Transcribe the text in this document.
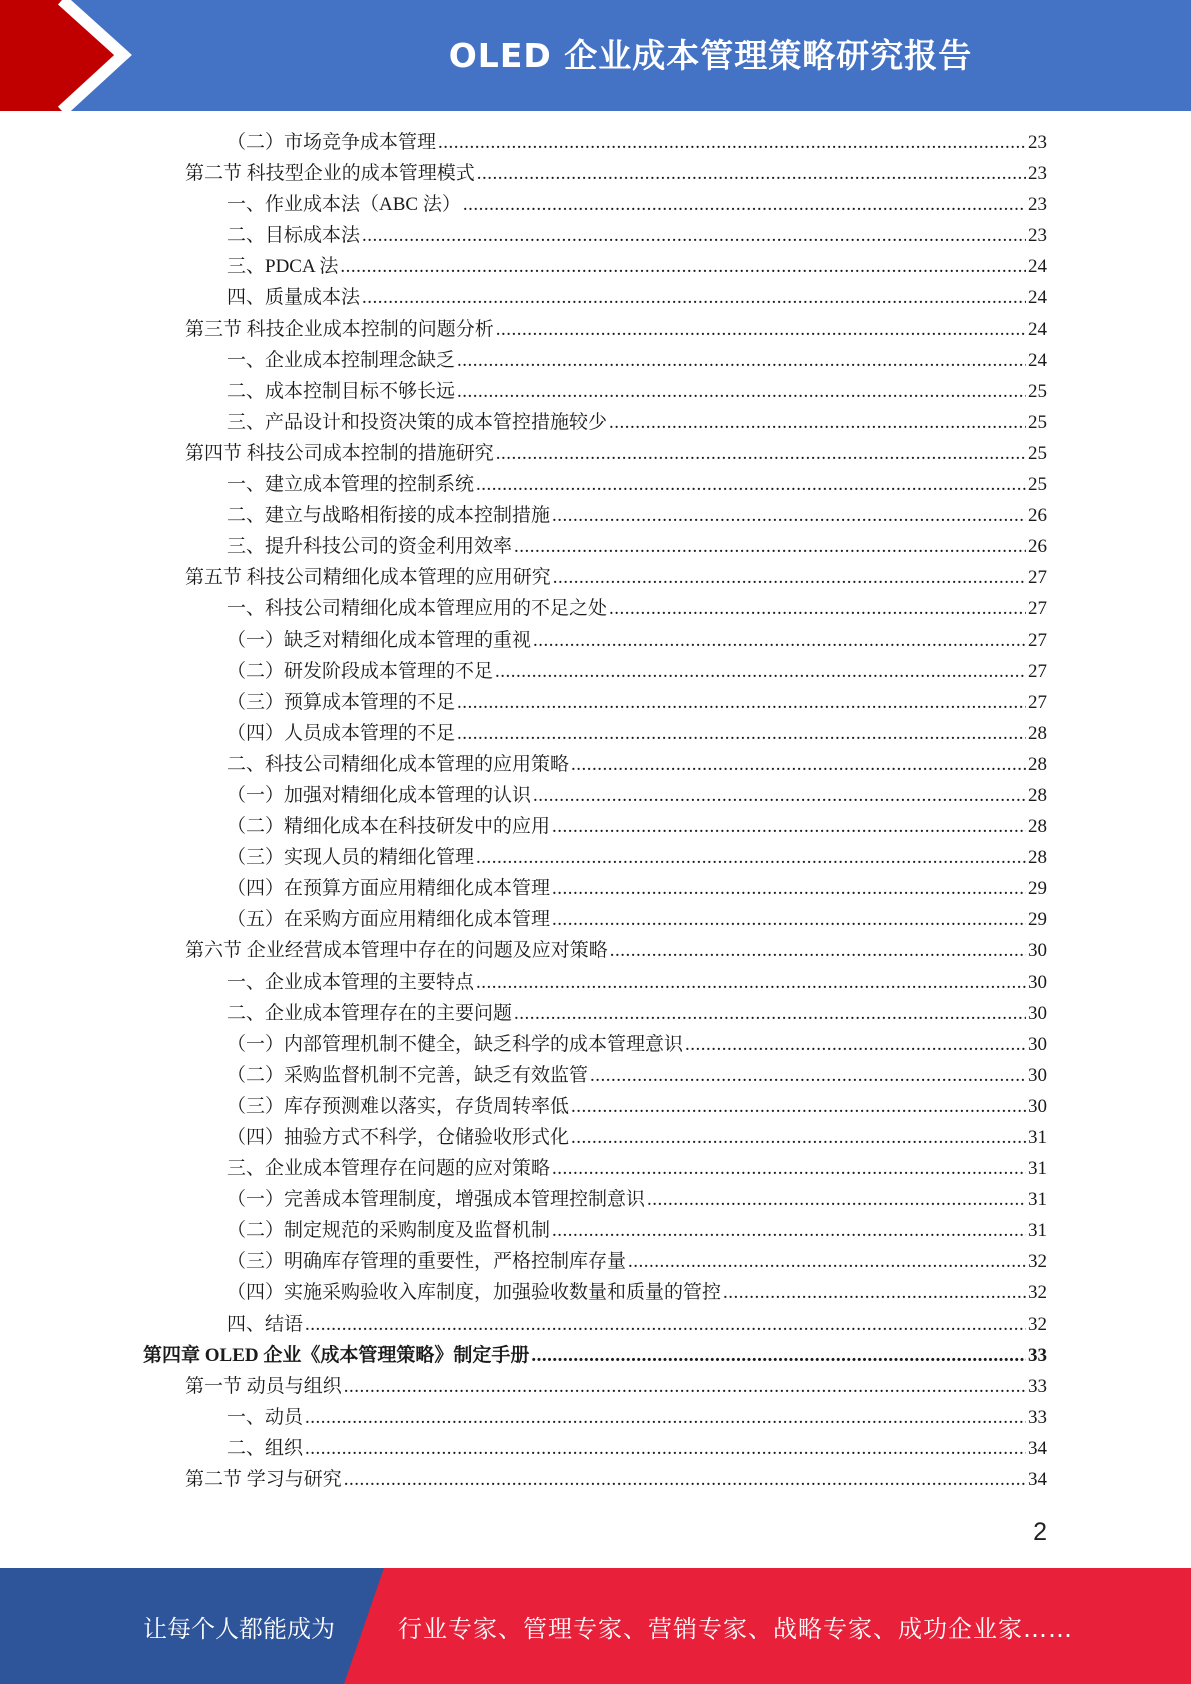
OLED 企业成本管理策略研究报告
（二）市场竞争成本管理 .....	23
第二节 科技型企业的成本管理模式 .....	23
一、作业成本法（ABC 法） .....	23
二、目标成本法 .....	23
三、PDCA 法 .....	24
四、质量成本法 .....	24
第三节 科技企业成本控制的问题分析 .....	24
一、企业成本控制理念缺乏 .....	24
二、成本控制目标不够长远 .....	25
三、产品设计和投资决策的成本管控措施较少 .....	25
第四节 科技公司成本控制的措施研究 .....	25
一、建立成本管理的控制系统 .....	25
二、建立与战略相衔接的成本控制措施 .....	26
三、提升科技公司的资金利用效率 .....	26
第五节 科技公司精细化成本管理的应用研究 .....	27
一、科技公司精细化成本管理应用的不足之处 .....	27
（一）缺乏对精细化成本管理的重视 .....	27
（二）研发阶段成本管理的不足 .....	27
（三）预算成本管理的不足 .....	27
（四）人员成本管理的不足 .....	28
二、科技公司精细化成本管理的应用策略 .....	28
（一）加强对精细化成本管理的认识 .....	28
（二）精细化成本在科技研发中的应用 .....	28
（三）实现人员的精细化管理 .....	28
（四）在预算方面应用精细化成本管理 .....	29
（五）在采购方面应用精细化成本管理 .....	29
第六节 企业经营成本管理中存在的问题及应对策略 .....	30
一、企业成本管理的主要特点 .....	30
二、企业成本管理存在的主要问题 .....	30
（一）内部管理机制不健全，缺乏科学的成本管理意识 .....	30
（二）采购监督机制不完善，缺乏有效监管 .....	30
（三）库存预测难以落实，存货周转率低 .....	30
（四）抽验方式不科学，仓储验收形式化 .....	31
三、企业成本管理存在问题的应对策略 .....	31
（一）完善成本管理制度，增强成本管理控制意识 .....	31
（二）制定规范的采购制度及监督机制 .....	31
（三）明确库存管理的重要性，严格控制库存量 .....	32
（四）实施采购验收入库制度，加强验收数量和质量的管控 .....	32
四、结语 .....	32
第四章 OLED 企业《成本管理策略》制定手册 .....	33
第一节 动员与组织 .....	33
一、动员 .....	33
二、组织 .....	34
第二节 学习与研究 .....	34
2
让每个人都能成为	行业专家、管理专家、营销专家、战略专家、成功企业家……
